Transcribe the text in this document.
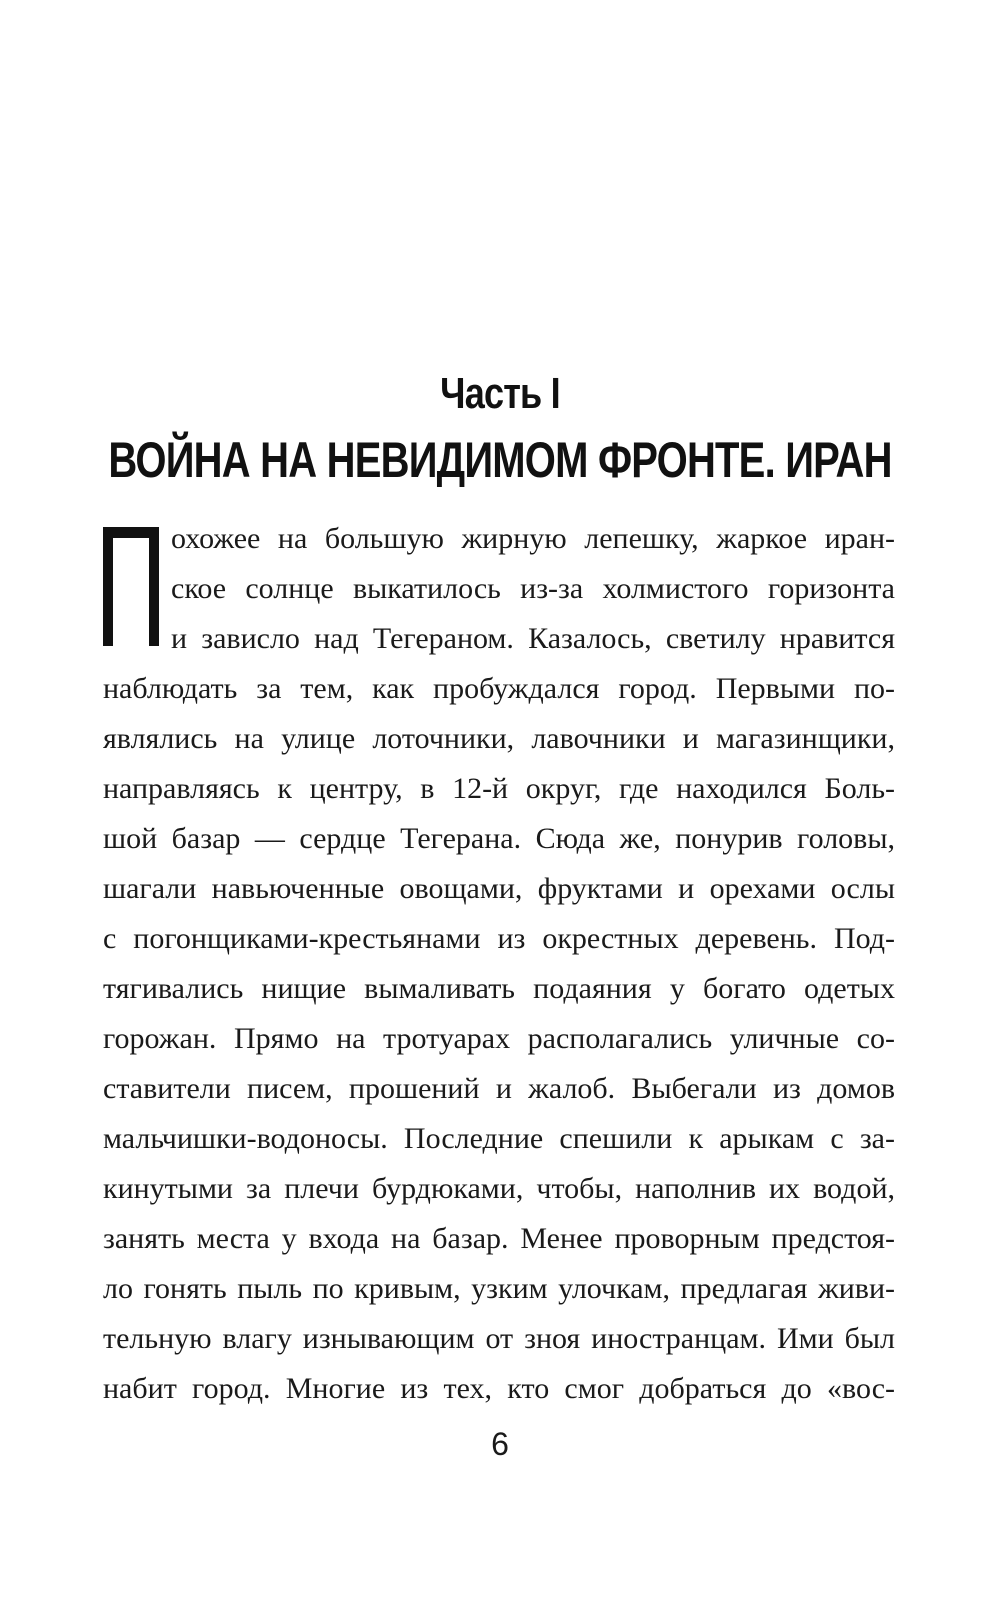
Часть I
ВОЙНА НА НЕВИДИМОМ ФРОНТЕ. ИРАН
охожее на большую жирную лепешку, жаркое иран-
ское солнце выкатилось из-за холмистого горизонта
и зависло над Тегераном. Казалось, светилу нравится
наблюдать за тем, как пробуждался город. Первыми по-
являлись на улице лоточники, лавочники и магазинщики,
направляясь к центру, в 12-й округ, где находился Боль-
шой базар — сердце Тегерана. Сюда же, понурив головы,
шагали навьюченные овощами, фруктами и орехами ослы
с погонщиками-крестьянами из окрестных деревень. Под-
тягивались нищие вымаливать подаяния у богато одетых
горожан. Прямо на тротуарах располагались уличные со-
ставители писем, прошений и жалоб. Выбегали из домов
мальчишки-водоносы. Последние спешили к арыкам с за-
кинутыми за плечи бурдюками, чтобы, наполнив их водой,
занять места у входа на базар. Менее проворным предстоя-
ло гонять пыль по кривым, узким улочкам, предлагая живи-
тельную влагу изнывающим от зноя иностранцам. Ими был
набит город. Многие из тех, кто смог добраться до «вос-
6
